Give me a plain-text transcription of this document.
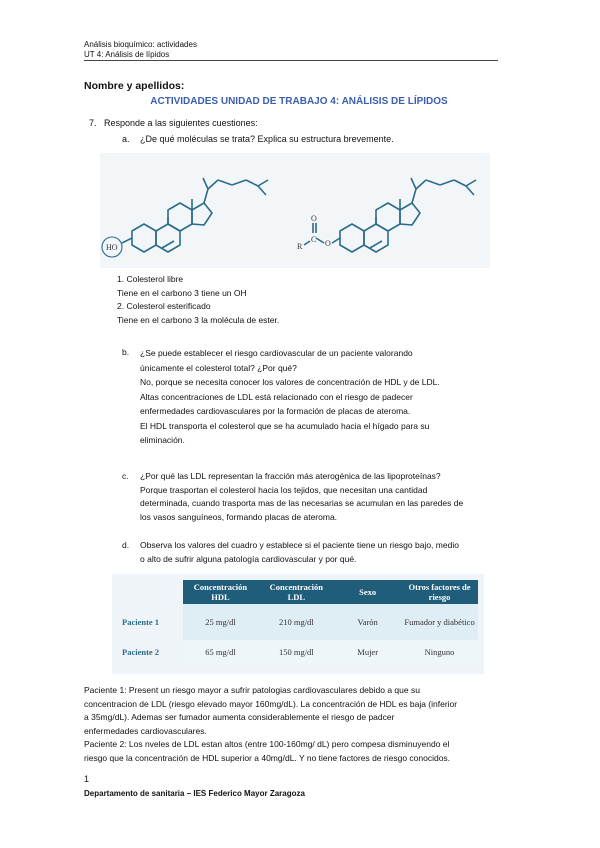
Análisis bioquímico: actividades
UT 4: Análisis de lípidos
Nombre y apellidos:
ACTIVIDADES UNIDAD DE TRABAJO 4: ANÁLISIS DE LÍPIDOS
7. Responde a las siguientes cuestiones:
a. ¿De qué moléculas se trata? Explica su estructura brevemente.
HO	R
C
O
O
1. Colesterol libre
Tiene en el carbono 3 tiene un OH
2. Colesterol esterificado
Tiene en el carbono 3 la molécula de ester.
b. ¿Se puede establecer el riesgo cardiovascular de un paciente valorando
únicamente el colesterol total? ¿Por qué?
No, porque se necesita conocer los valores de concentración de HDL y de LDL.
Altas concentraciones de LDL está relacionado con el riesgo de padecer
enfermedades cardiovasculares por la formación de placas de ateroma.
El HDL transporta el colesterol que se ha acumulado hacia el hígado para su
eliminación.
c. ¿Por qué las LDL representan la fracción más aterogénica de las lipoproteínas?
Porque trasportan el colesterol hacia los tejidos, que necesitan una cantidad
determinada, cuando trasporta mas de las necesarias se acumulan en las paredes de
los vasos sanguíneos, formando placas de ateroma.
d. Observa los valores del cuadro y establece si el paciente tiene un riesgo bajo, medio
o alto de sufrir alguna patología cardiovascular y por qué.
	Concentración HDL	Concentración LDL	Sexo	Otros factores de riesgo
Paciente 1	25 mg/dl	210 mg/dl	Varón	Fumador y diabético
Paciente 2	65 mg/dl	150 mg/dl	Mujer	Ninguno
Paciente 1: Present un riesgo mayor a sufrir patologias cardiovasculares debido a que su
concentracion de LDL (riesgo elevado mayor 160mg/dL). La concentración de HDL es baja (inferior
a 35mg/dL). Ademas ser fumador aumenta considerablemente el riesgo de padcer
enfermedades cardiovasculares.
Paciente 2: Los nveles de LDL estan altos (entre 100-160mg/ dL) pero compesa disminuyendo el
riesgo que la concentración de HDL superior a 40mg/dL. Y no tiene factores de riesgo conocidos.
1
Departamento de sanitaria – IES Federico Mayor Zaragoza
